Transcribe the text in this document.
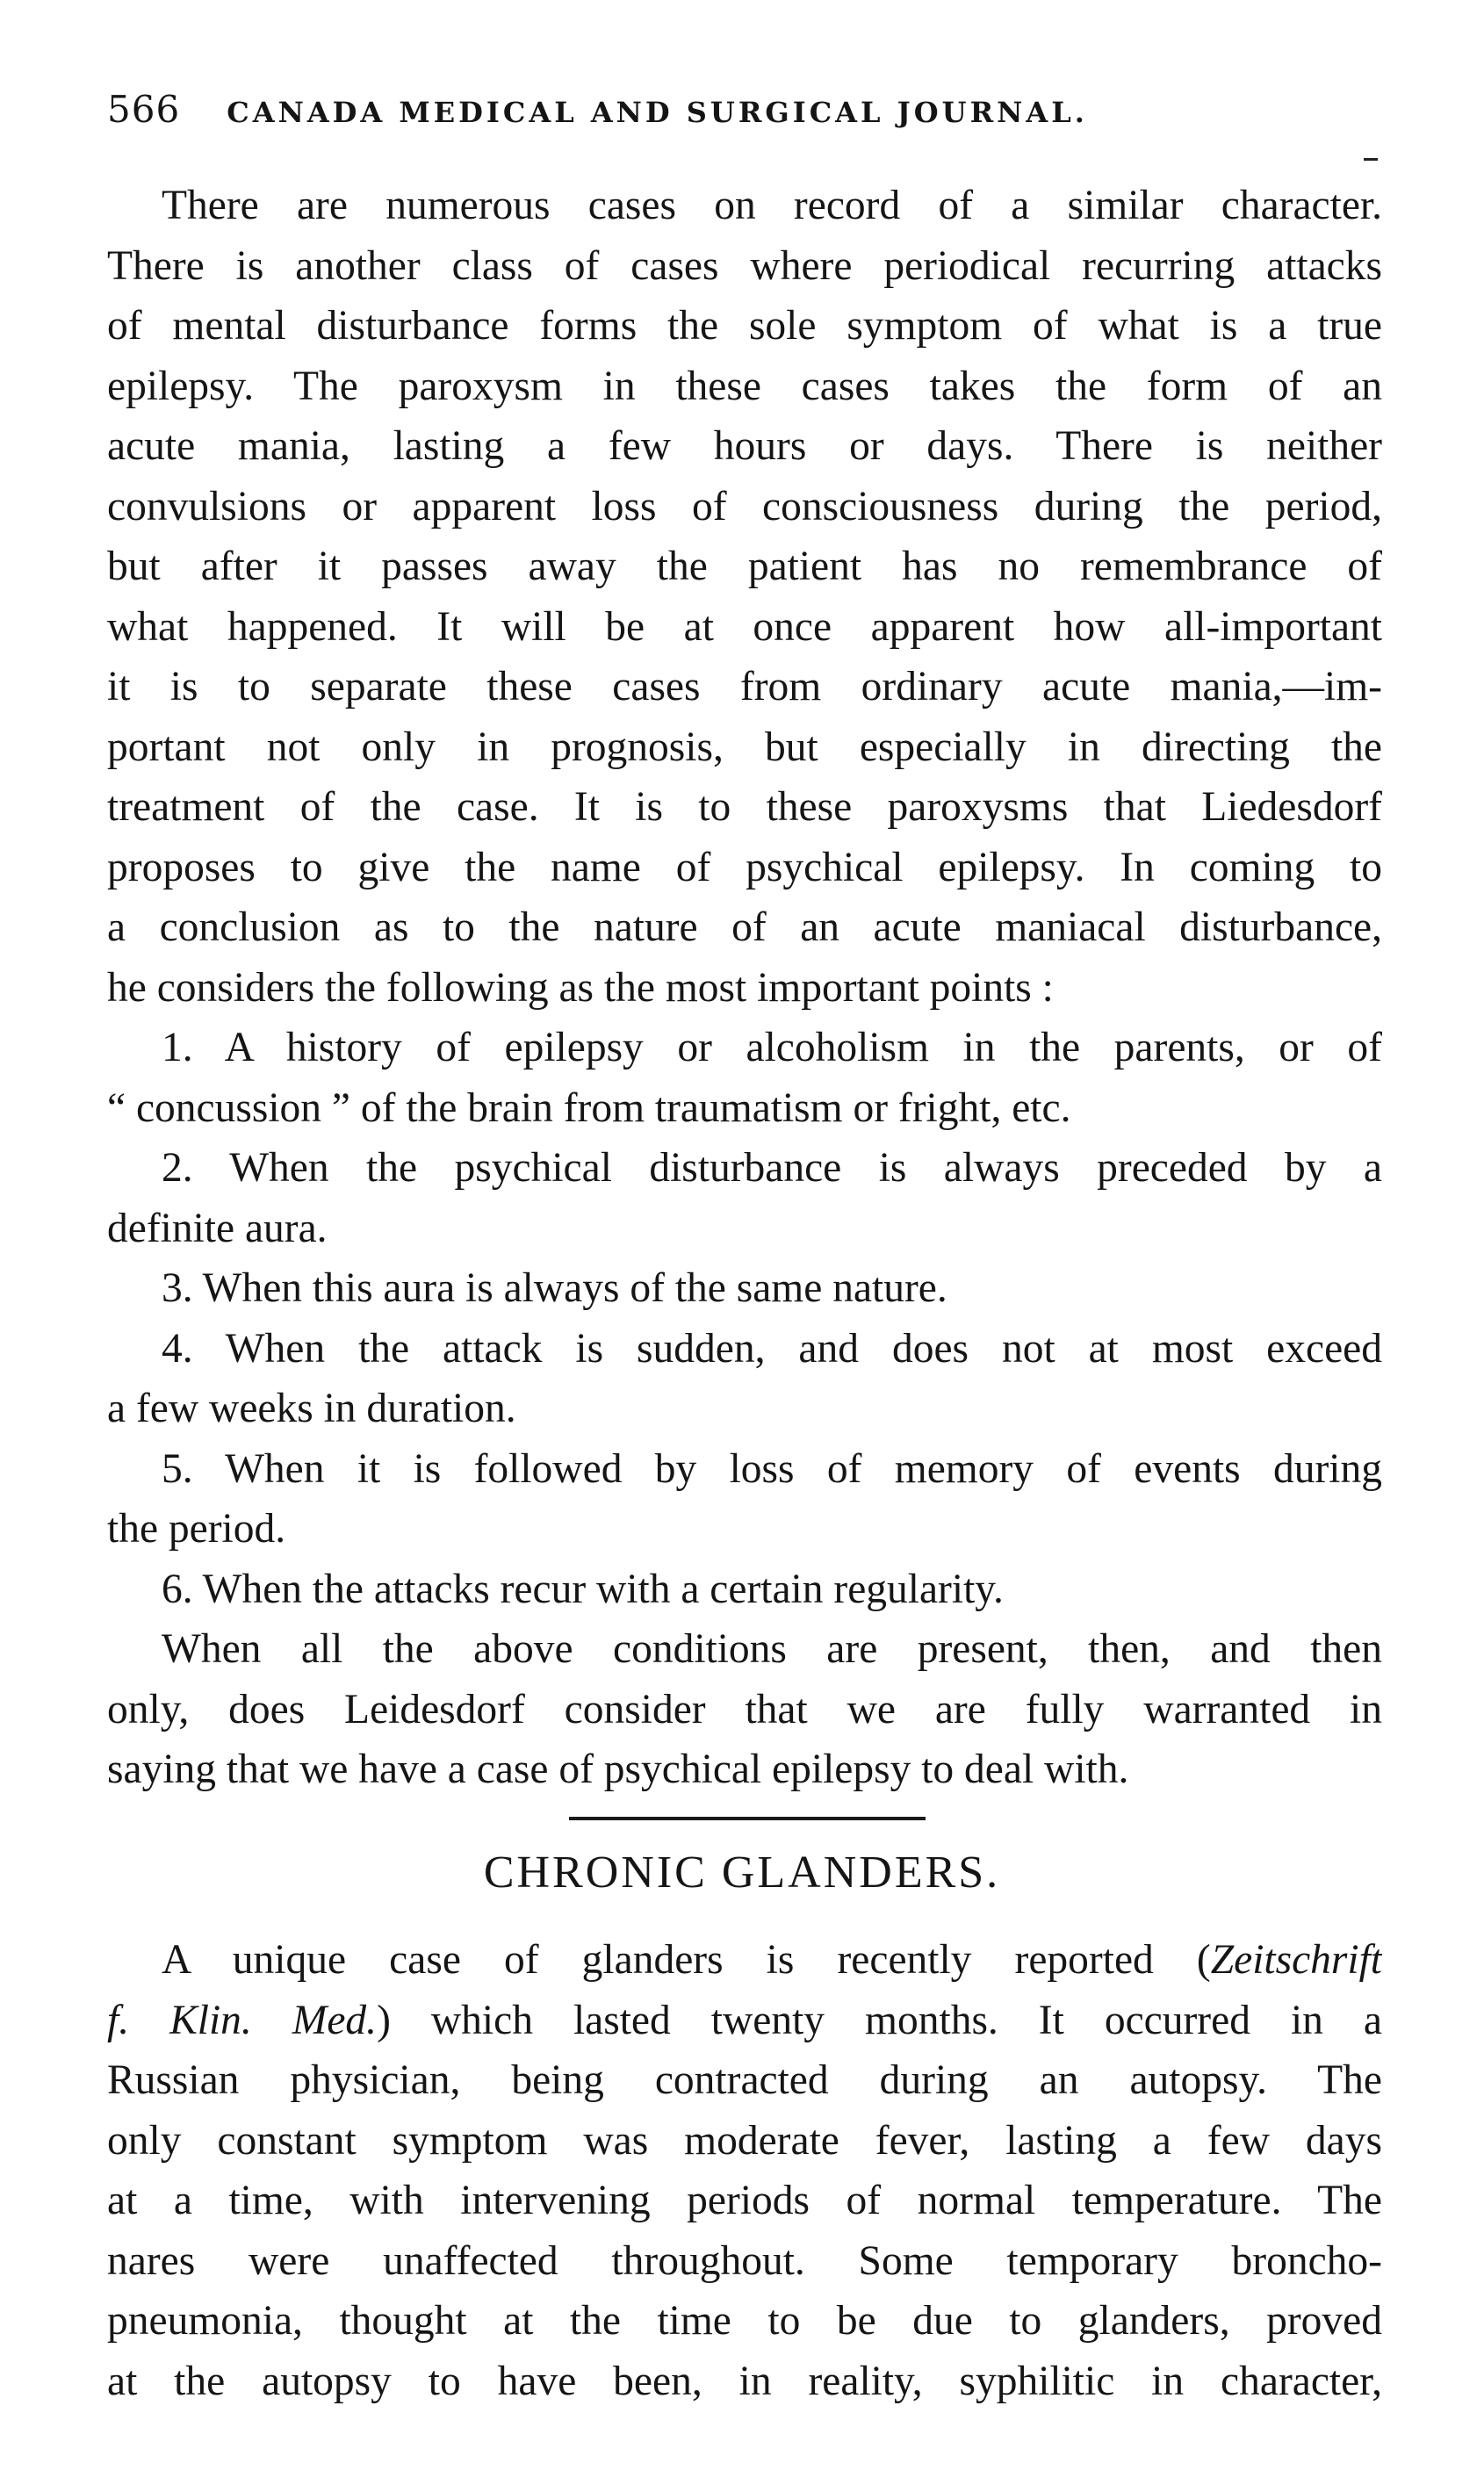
566 CANADA MEDICAL AND SURGICAL JOURNAL.
There are numerous cases on record of a similar character.
There is another class of cases where periodical recurring attacks
of mental disturbance forms the sole symptom of what is a true
epilepsy. The paroxysm in these cases takes the form of an
acute mania, lasting a few hours or days. There is neither
convulsions or apparent loss of consciousness during the period,
but after it passes away the patient has no remembrance of
what happened. It will be at once apparent how all-important
it is to separate these cases from ordinary acute mania,—im-
portant not only in prognosis, but especially in directing the
treatment of the case. It is to these paroxysms that Liedesdorf
proposes to give the name of psychical epilepsy. In coming to
a conclusion as to the nature of an acute maniacal disturbance,
he considers the following as the most important points :
1. A history of epilepsy or alcoholism in the parents, or of
“ concussion ” of the brain from traumatism or fright, etc.
2. When the psychical disturbance is always preceded by a
definite aura.
3. When this aura is always of the same nature.
4. When the attack is sudden, and does not at most exceed
a few weeks in duration.
5. When it is followed by loss of memory of events during
the period.
6. When the attacks recur with a certain regularity.
When all the above conditions are present, then, and then
only, does Leidesdorf consider that we are fully warranted in
saying that we have a case of psychical epilepsy to deal with.
CHRONIC GLANDERS.
A unique case of glanders is recently reported (Zeitschrift
f. Klin. Med.) which lasted twenty months. It occurred in a
Russian physician, being contracted during an autopsy. The
only constant symptom was moderate fever, lasting a few days
at a time, with intervening periods of normal temperature. The
nares were unaffected throughout. Some temporary broncho-
pneumonia, thought at the time to be due to glanders, proved
at the autopsy to have been, in reality, syphilitic in character,
